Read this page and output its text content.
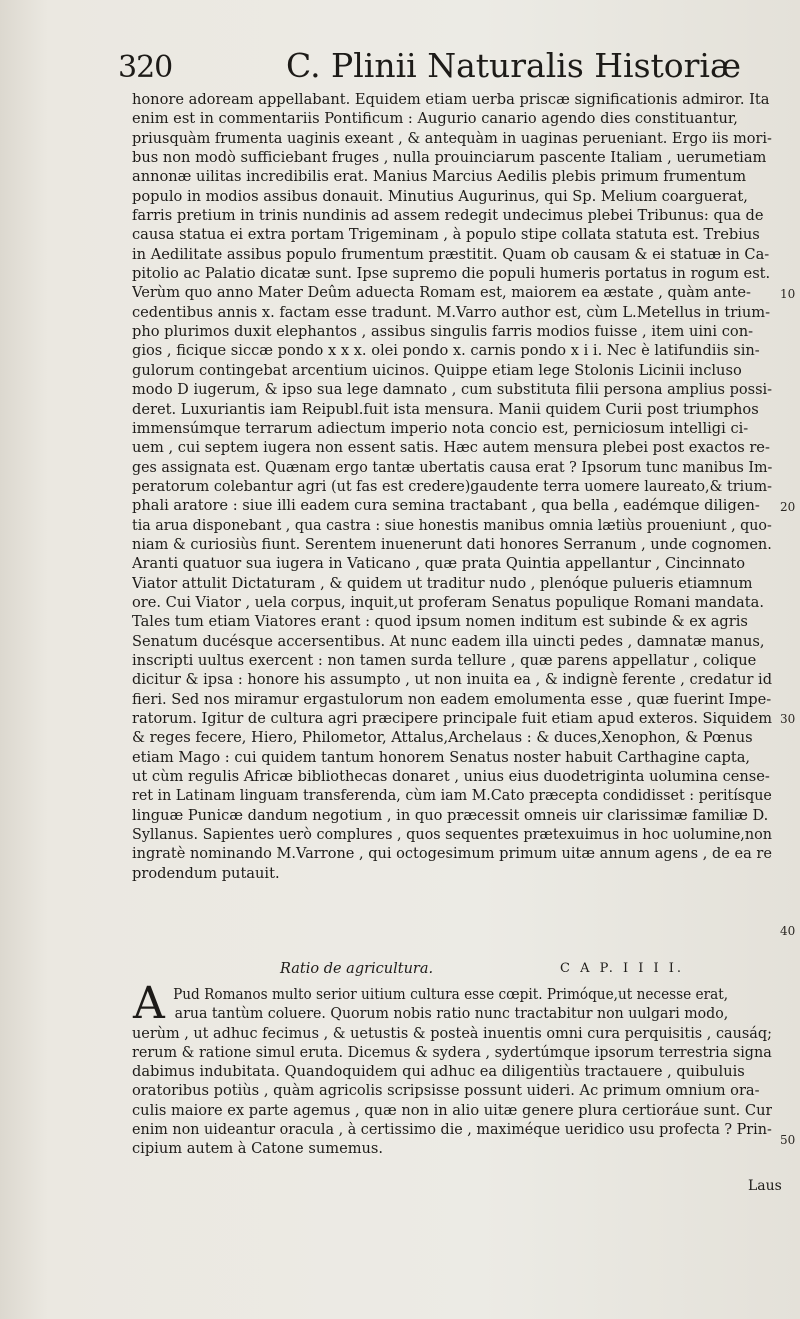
320	C. Plinii Naturalis Historiæ
honore adoream appellabant. Equidem etiam uerba priscæ significationis admiror. Ita
enim est in commentariis Pontificum : Augurio canario agendo dies constituantur,
priusquàm frumenta uaginis exeant , & antequàm in uaginas perueniant. Ergo iis mori-
bus non modò sufficiebant fruges , nulla prouinciarum pascente Italiam , uerumetiam
annonæ uilitas incredibilis erat. Manius Marcius Aedilis plebis primum frumentum
populo in modios assibus donauit. Minutius Augurinus, qui Sp. Melium coarguerat,
farris pretium in trinis nundinis ad assem redegit undecimus plebei Tribunus: qua de
causa statua ei extra portam Trigeminam , à populo stipe collata statuta est. Trebius
in Aedilitate assibus populo frumentum præstitit. Quam ob causam & ei statuæ in Ca-
pitolio ac Palatio dicatæ sunt. Ipse supremo die populi humeris portatus in rogum est.
Verùm quo anno Mater Deûm aduecta Romam est, maiorem ea æstate , quàm ante-
cedentibus annis x. factam esse tradunt. M.Varro author est, cùm L.Metellus in trium-
pho plurimos duxit elephantos , assibus singulis farris modios fuisse , item uini con-
gios , ficique siccæ pondo x x x. olei pondo x. carnis pondo x i i. Nec è latifundiis sin-
gulorum contingebat arcentium uicinos. Quippe etiam lege Stolonis Licinii incluso
modo D iugerum, & ipso sua lege damnato , cum substituta filii persona amplius possi-
deret. Luxuriantis iam Reipubl.fuit ista mensura. Manii quidem Curii post triumphos
immensúmque terrarum adiectum imperio nota concio est, perniciosum intelligi ci-
uem , cui septem iugera non essent satis. Hæc autem mensura plebei post exactos re-
ges assignata est. Quænam ergo tantæ ubertatis causa erat ? Ipsorum tunc manibus Im-
peratorum colebantur agri (ut fas est credere)gaudente terra uomere laureato,& trium-
phali aratore : siue illi eadem cura semina tractabant , qua bella , eadémque diligen-
tia arua disponebant , qua castra : siue honestis manibus omnia lætiùs proueniunt , quo-
niam & curiosiùs fiunt. Serentem inuenerunt dati honores Serranum , unde cognomen.
Aranti quatuor sua iugera in Vaticano , quæ prata Quintia appellantur , Cincinnato
Viator attulit Dictaturam , & quidem ut traditur nudo , plenóque pulueris etiamnum
ore. Cui Viator , uela corpus, inquit,ut proferam Senatus populique Romani mandata.
Tales tum etiam Viatores erant : quod ipsum nomen inditum est subinde & ex agris
Senatum ducésque accersentibus. At nunc eadem illa uincti pedes , damnatæ manus,
inscripti uultus exercent : non tamen surda tellure , quæ parens appellatur , colique
dicitur & ipsa : honore his assumpto , ut non inuita ea , & indignè ferente , credatur id
fieri. Sed nos miramur ergastulorum non eadem emolumenta esse , quæ fuerint Impe-
ratorum. Igitur de cultura agri præcipere principale fuit etiam apud exteros. Siquidem
& reges fecere, Hiero, Philometor, Attalus,Archelaus : & duces,Xenophon, & Pœnus
etiam Mago : cui quidem tantum honorem Senatus noster habuit Carthagine capta,
ut cùm regulis Africæ bibliothecas donaret , unius eius duodetriginta uolumina cense-
ret in Latinam linguam transferenda, cùm iam M.Cato præcepta condidisset : peritísque
linguæ Punicæ dandum negotium , in quo præcessit omneis uir clarissimæ familiæ D.
Syllanus. Sapientes uerò complures , quos sequentes prætexuimus in hoc uolumine,non
ingratè nominando M.Varrone , qui octogesimum primum uitæ annum agens , de ea re
prodendum putauit.
Ratio de agricultura.	C A P. I I I I.
A Pud Romanos multo serior uitium cultura esse cœpit. Primóque,ut necesse erat,
arua tantùm coluere. Quorum nobis ratio nunc tractabitur non uulgari modo,
uerùm , ut adhuc fecimus , & uetustis & posteà inuentis omni cura perquisitis , causáq;
rerum & ratione simul eruta. Dicemus & sydera , sydertúmque ipsorum terrestria signa
dabimus indubitata. Quandoquidem qui adhuc ea diligentiùs tractauere , quibuluis
oratoribus potiùs , quàm agricolis scripsisse possunt uideri. Ac primum omnium ora-
culis maiore ex parte agemus , quæ non in alio uitæ genere plura certioráue sunt. Cur
enim non uideantur oracula , à certissimo die , maximéque ueridico usu profecta ? Prin-
cipium autem à Catone sumemus.
10
20
30
40
50
Laus
